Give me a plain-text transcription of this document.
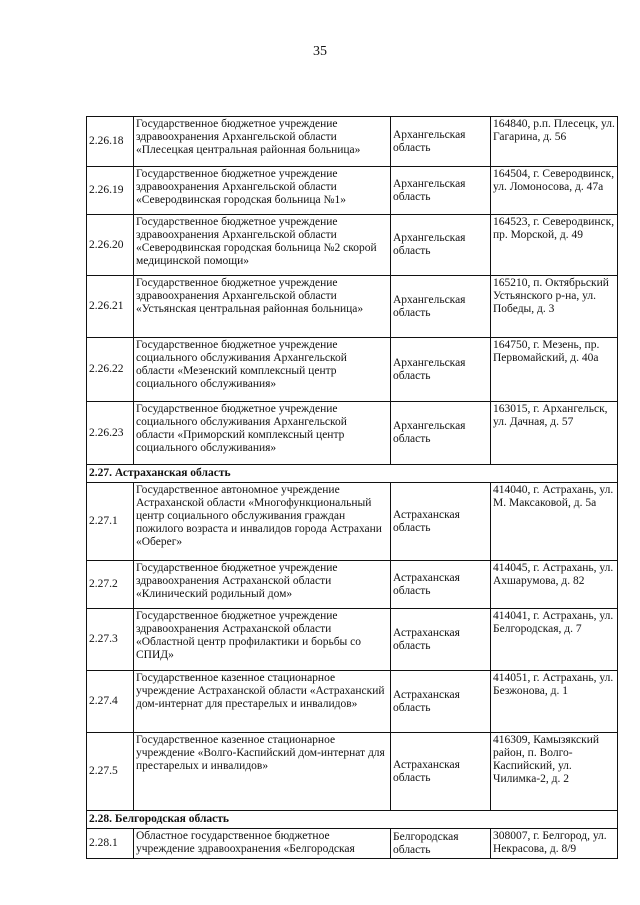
35
2.26.18	Государственное бюджетное учреждение здравоохранения Архангельской области «Плесецкая центральная районная больница»	Архангельская область	164840, р.п. Плесецк, ул. Гагарина, д. 56
2.26.19	Государственное бюджетное учреждение здравоохранения Архангельской области «Северодвинская городская больница №1»	Архангельская область	164504, г. Северодвинск, ул. Ломоносова, д. 47а
2.26.20	Государственное бюджетное учреждение здравоохранения Архангельской области «Северодвинская городская больница №2 скорой медицинской помощи»	Архангельская область	164523, г. Северодвинск, пр. Морской, д. 49
2.26.21	Государственное бюджетное учреждение здравоохранения Архангельской области «Устьянская центральная районная больница»	Архангельская область	165210, п. Октябрьский Устьянского р-на, ул. Победы, д. 3
2.26.22	Государственное бюджетное учреждение социального обслуживания Архангельской области «Мезенский комплексный центр социального обслуживания»	Архангельская область	164750, г. Мезень, пр. Первомайский, д. 40а
2.26.23	Государственное бюджетное учреждение социального обслуживания Архангельской области «Приморский комплексный центр социального обслуживания»	Архангельская область	163015, г. Архангельск, ул. Дачная, д. 57
2.27. Астраханская область			
2.27.1	Государственное автономное учреждение Астраханской области «Многофункциональный центр социального обслуживания граждан пожилого возраста и инвалидов города Астрахани «Оберег»	Астраханская область	414040, г. Астрахань, ул. М. Максаковой, д. 5а
2.27.2	Государственное бюджетное учреждение здравоохранения Астраханской области «Клинический родильный дом»	Астраханская область	414045, г. Астрахань, ул. Ахшарумова, д. 82
2.27.3	Государственное бюджетное учреждение здравоохранения Астраханской области «Областной центр профилактики и борьбы со СПИД»	Астраханская область	414041, г. Астрахань, ул. Белгородская, д. 7
2.27.4	Государственное казенное стационарное учреждение Астраханской области «Астраханский дом-интернат для престарелых и инвалидов»	Астраханская область	414051, г. Астрахань, ул. Безжонова, д. 1
2.27.5	Государственное казенное стационарное учреждение «Волго-Каспийский дом-интернат для престарелых и инвалидов»	Астраханская область	416309, Камызякский район, п. Волго-Каспийский, ул. Чилимка-2, д. 2
2.28. Белгородская область			
2.28.1	Областное государственное бюджетное учреждение здравоохранения «Белгородская	Белгородская область	308007, г. Белгород, ул. Некрасова, д. 8/9
